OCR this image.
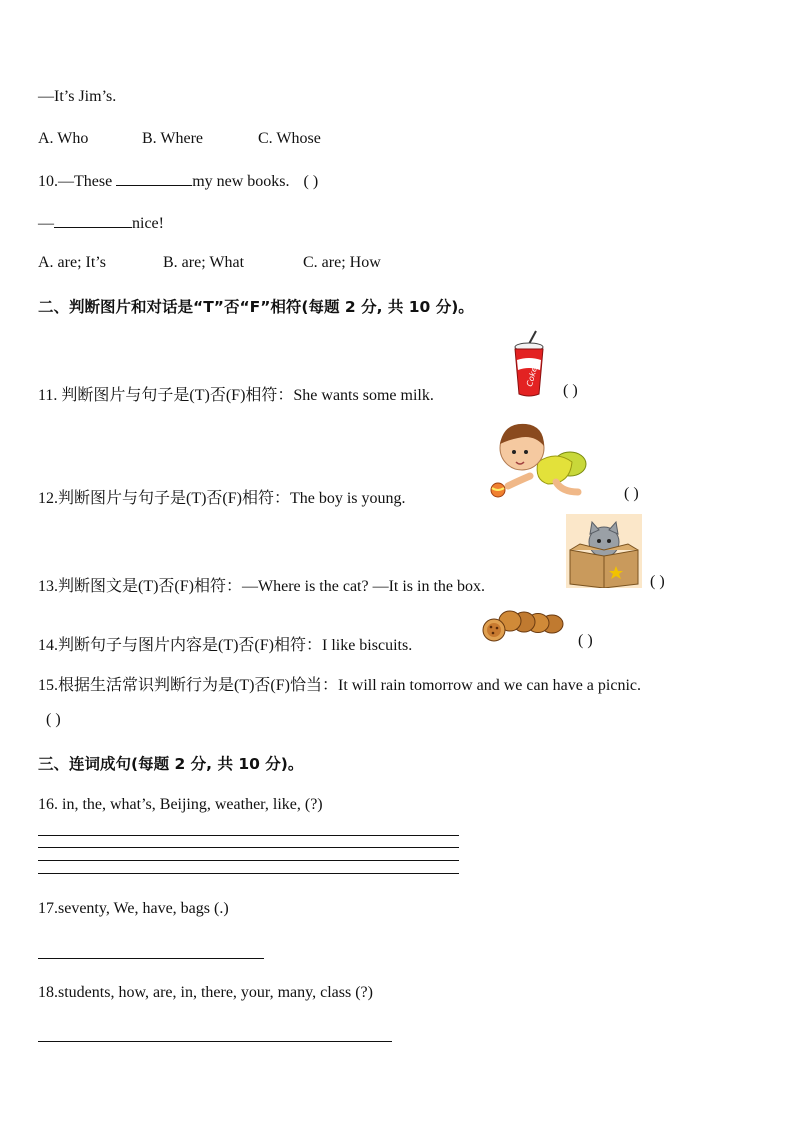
—It’s Jim’s.
A. Who	B. Where	C. Whose
10.—These	my new books. ( )
—	nice!
A. are; It’s	B. are; What	C. are; How
二、判断图片和对话是“T”否“F”相符(每题 2 分, 共 10 分)。
11. 判断图片与句子是(T)否(F)相符：She wants some milk.
Coke
( )
12.判断图片与句子是(T)否(F)相符：The boy is young.	( )
13.判断图文是(T)否(F)相符：—Where is the cat? —It is in the box.	( )
14.判断句子与图片内容是(T)否(F)相符：I like biscuits.	( )
15.根据生活常识判断行为是(T)否(F)恰当：It will rain tomorrow and we can have a picnic.
( )
三、连词成句(每题 2 分, 共 10 分)。
16. in, the, what’s, Beijing, weather, like, (?)
17.seventy, We, have, bags (.)
18.students, how, are, in, there, your, many, class (?)
